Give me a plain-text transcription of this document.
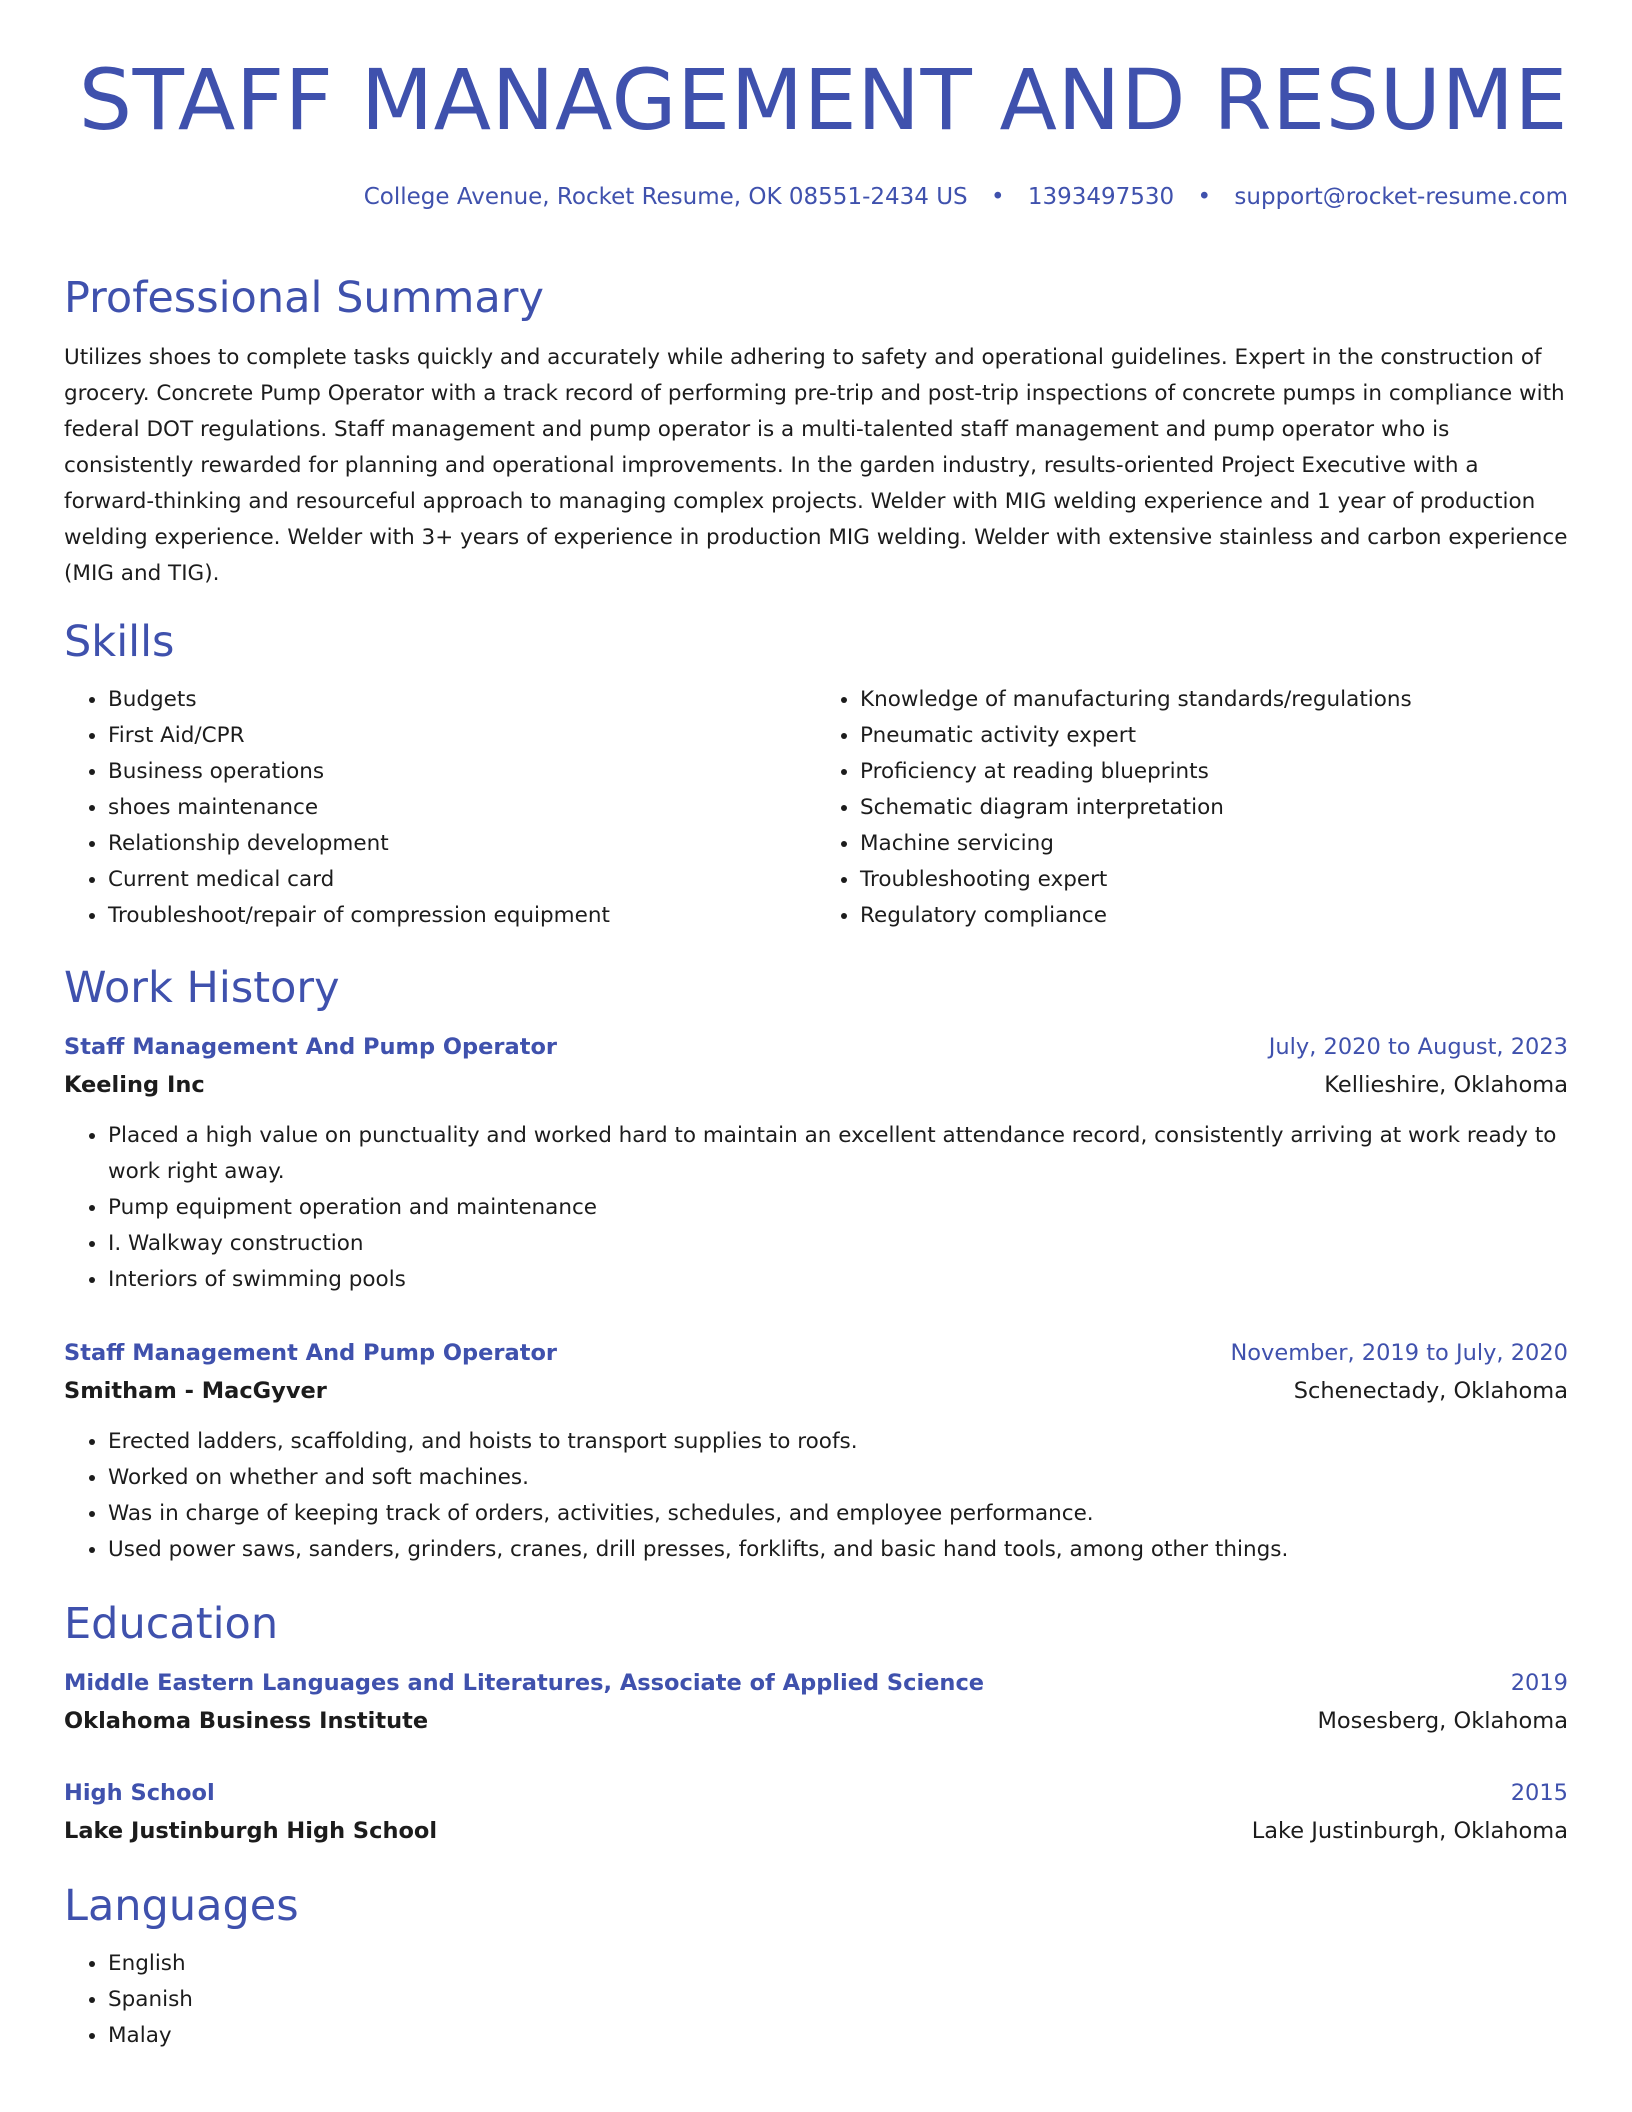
STAFF MANAGEMENT AND RESUME
College Avenue, Rocket Resume, OK 08551-2434 US • 1393497530 • support@rocket-resume.com
Professional Summary

Utilizes shoes to complete tasks quickly and accurately while adhering to safety and operational guidelines. Expert in the construction of grocery. Concrete Pump Operator with a track record of performing pre-trip and post-trip inspections of concrete pumps in compliance with federal DOT regulations. Staff management and pump operator is a multi-talented staff management and pump operator who is consistently rewarded for planning and operational improvements. In the garden industry, results-oriented Project Executive with a forward-thinking and resourceful approach to managing complex projects. Welder with MIG welding experience and 1 year of production welding experience. Welder with 3+ years of experience in production MIG welding. Welder with extensive stainless and carbon experience (MIG and TIG).

Skills
• Budgets
• First Aid/CPR
• Business operations
• shoes maintenance
• Relationship development
• Current medical card
• Troubleshoot/repair of compression equipment
• Knowledge of manufacturing standards/regulations
• Pneumatic activity expert
• Proficiency at reading blueprints
• Schematic diagram interpretation
• Machine servicing
• Troubleshooting expert
• Regulatory compliance
Work History
Staff Management And Pump Operator	July, 2020 to August, 2023
Keeling Inc	Kellieshire, Oklahoma
• Placed a high value on punctuality and worked hard to maintain an excellent attendance record, consistently arriving at work ready to work right away.
• Pump equipment operation and maintenance
• I. Walkway construction
• Interiors of swimming pools
Staff Management And Pump Operator	November, 2019 to July, 2020
Smitham - MacGyver	Schenectady, Oklahoma
• Erected ladders, scaffolding, and hoists to transport supplies to roofs.
• Worked on whether and soft machines.
• Was in charge of keeping track of orders, activities, schedules, and employee performance.
• Used power saws, sanders, grinders, cranes, drill presses, forklifts, and basic hand tools, among other things.
Education
Middle Eastern Languages and Literatures, Associate of Applied Science	2019
Oklahoma Business Institute	Mosesberg, Oklahoma
High School	2015
Lake Justinburgh High School	Lake Justinburgh, Oklahoma
Languages
• English
• Spanish
• Malay
